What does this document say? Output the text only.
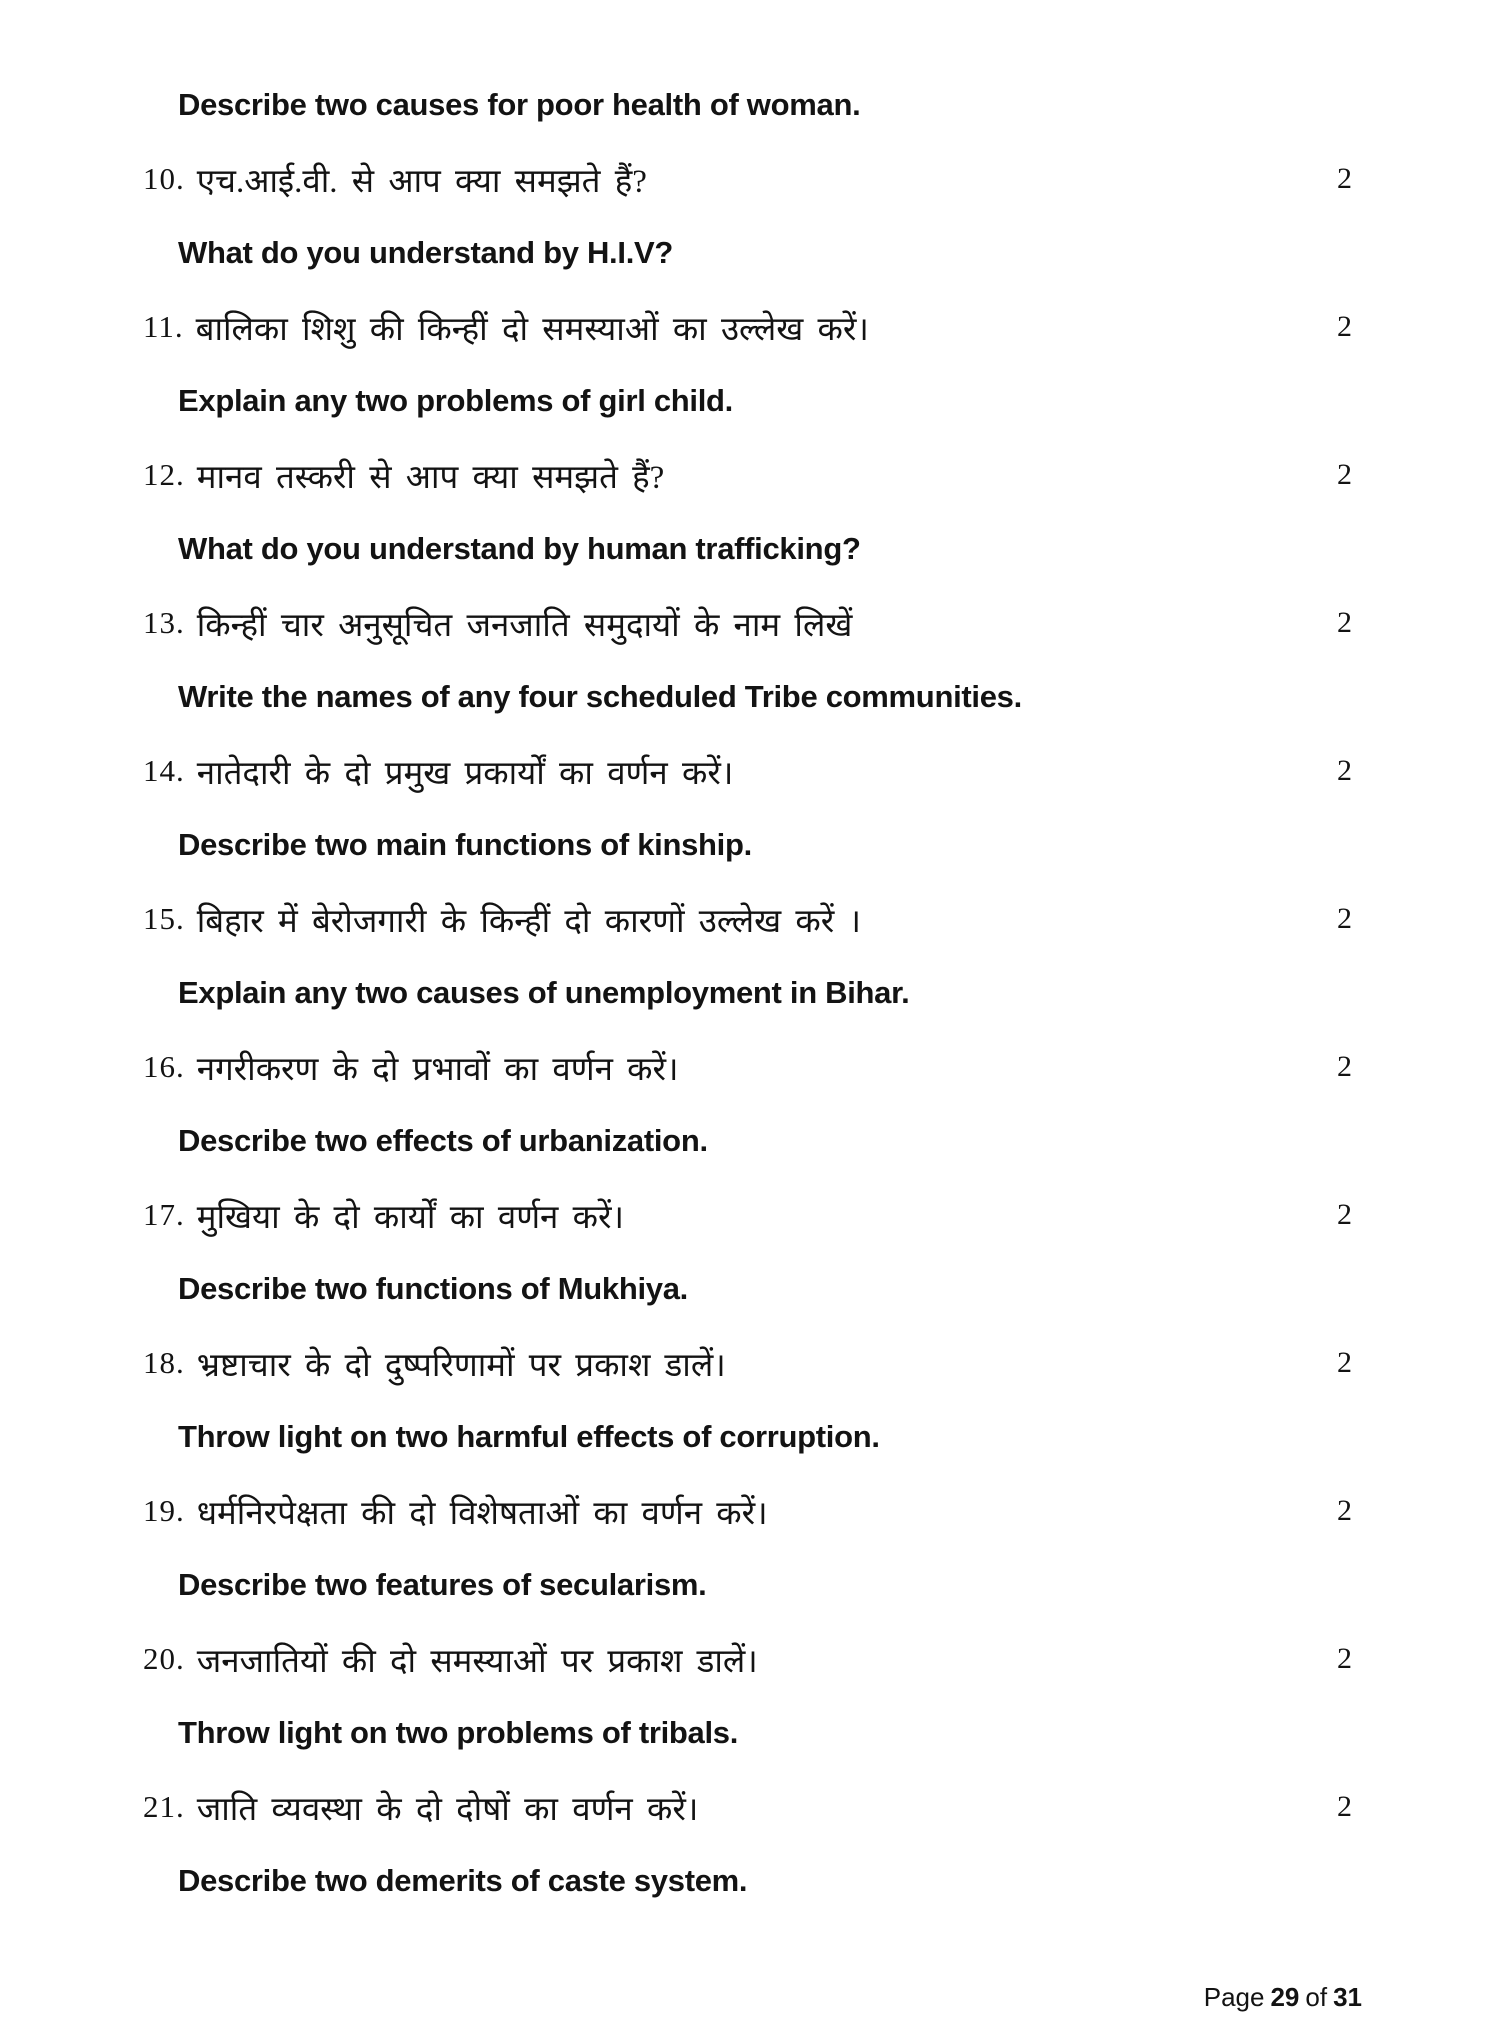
Describe two causes for poor health of woman.
10. एच.आई.वी. से आप क्या समझते हैं?	2
What do you understand by H.I.V?
11. बालिका शिशु की किन्हीं दो समस्याओं का उल्लेख करें।	2
Explain any two problems of girl child.
12. मानव तस्करी से आप क्या समझते हैं?	2
What do you understand by human trafficking?
13. किन्हीं चार अनुसूचित जनजाति समुदायों के नाम लिखें	2
Write the names of any four scheduled Tribe communities.
14. नातेदारी के दो प्रमुख प्रकार्यों का वर्णन करें।	2
Describe two main functions of kinship.
15. बिहार में बेरोजगारी के किन्हीं दो कारणों उल्लेख करें ।	2
Explain any two causes of unemployment in Bihar.
16. नगरीकरण के दो प्रभावों का वर्णन करें।	2
Describe two effects of urbanization.
17. मुखिया के दो कार्यों का वर्णन करें।	2
Describe two functions of Mukhiya.
18. भ्रष्टाचार के दो दुष्परिणामों पर प्रकाश डालें।	2
Throw light on two harmful effects of corruption.
19. धर्मनिरपेक्षता की दो विशेषताओं का वर्णन करें।	2
Describe two features of secularism.
20. जनजातियों की दो समस्याओं पर प्रकाश डालें।	2
Throw light on two problems of tribals.
21. जाति व्यवस्था के दो दोषों का वर्णन करें।	2
Describe two demerits of caste system.
Page 29 of 31
